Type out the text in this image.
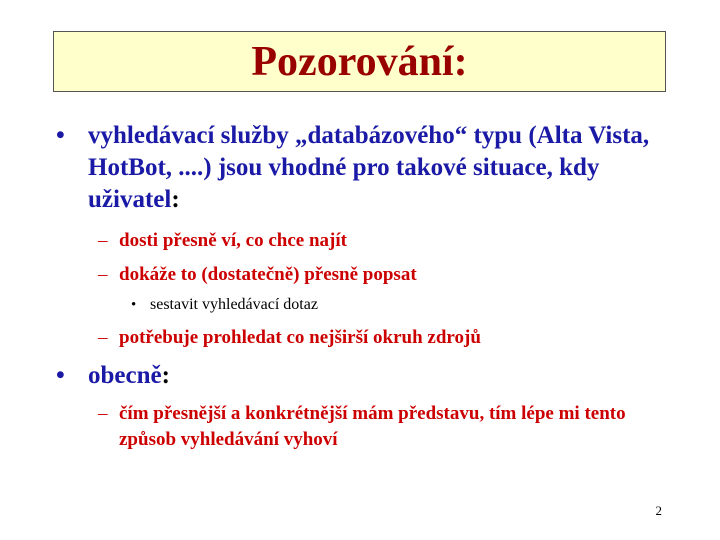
Pozorování:
• vyhledávací služby „databázového“ typu (Alta Vista, HotBot, ....) jsou vhodné pro takové situace, kdy uživatel:

– dosti přesně ví, co chce najít

– dokáže to (dostatečně) přesně popsat

• sestavit vyhledávací dotaz

– potřebuje prohledat co nejširší okruh zdrojů

• obecně:

– čím přesnější a konkrétnější mám představu, tím lépe mi tento způsob vyhledávání vyhoví

2
